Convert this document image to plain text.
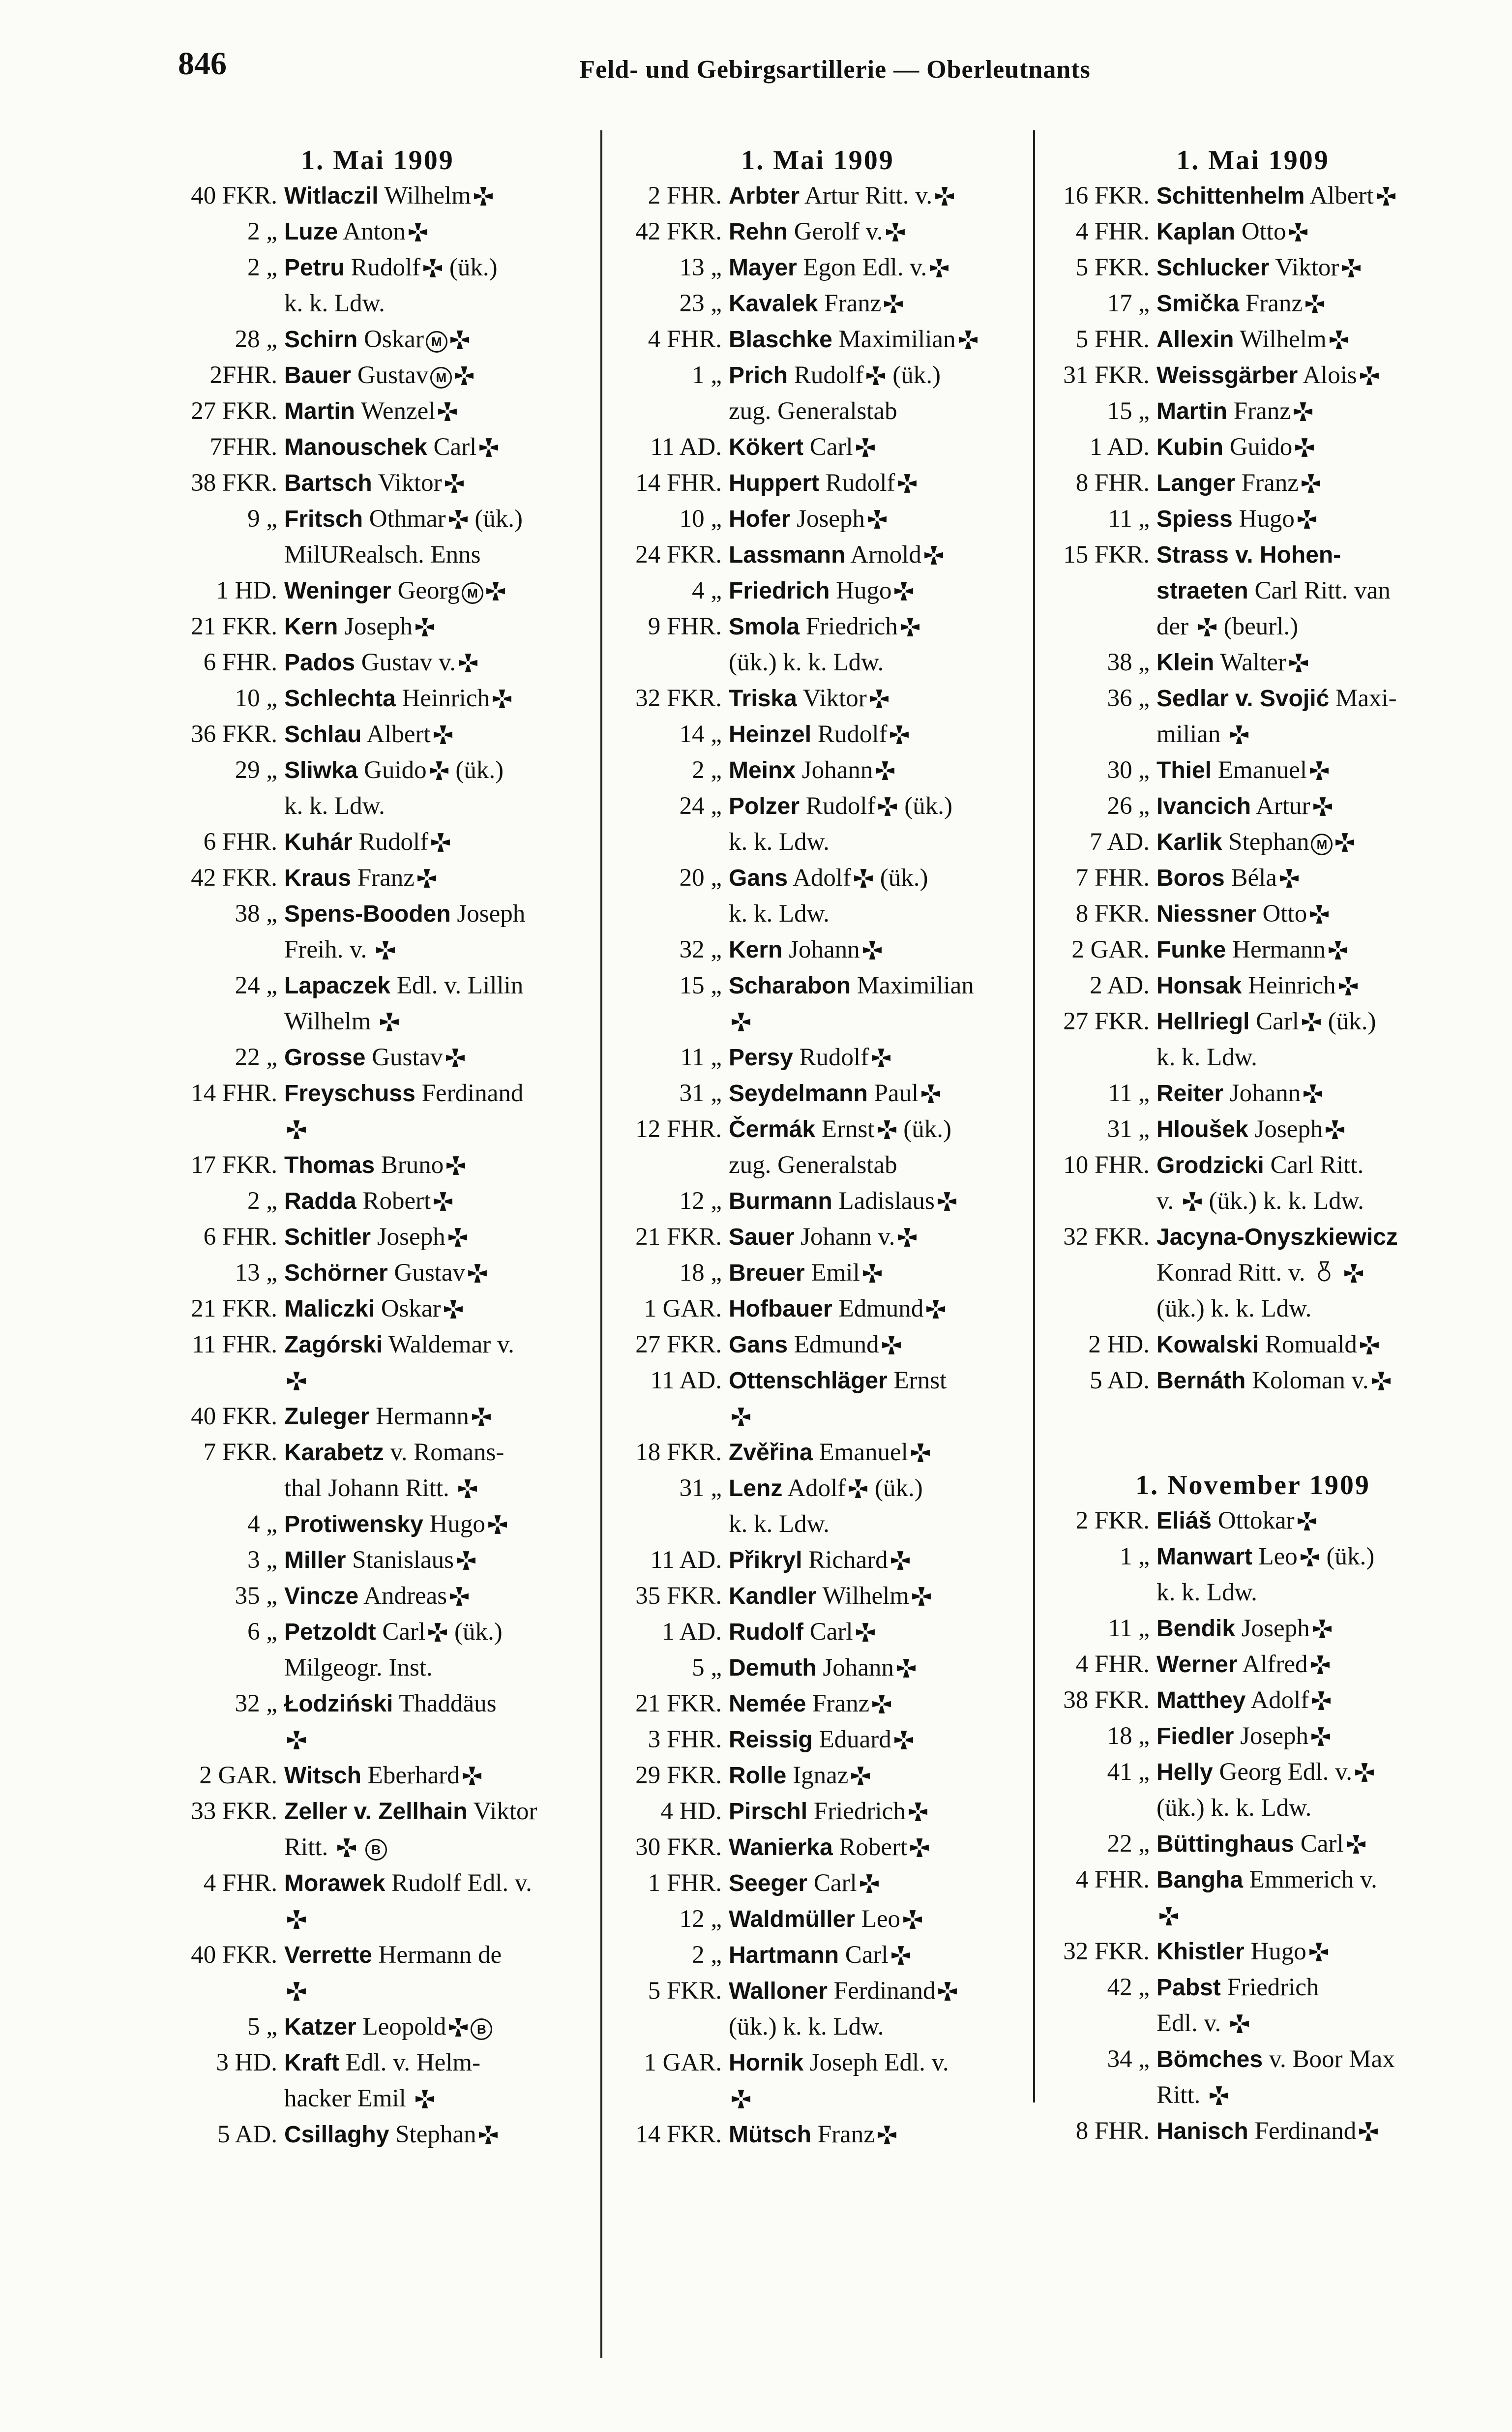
846	Feld- und Gebirgsartillerie — Oberleutnants
1. Mai 1909
40 FKR. Witlaczil Wilhelm
2 „ Luze Anton
2 „ Petru Rudolf (ük.)
k. k. Ldw.
28 „ Schirn Oskar M
2FHR. Bauer Gustav M
27 FKR. Martin Wenzel
7FHR. Manouschek Carl
38 FKR. Bartsch Viktor
9 „ Fritsch Othmar (ük.)
MilURealsch. Enns
1 HD. Weninger Georg M
21 FKR. Kern Joseph
6 FHR. Pados Gustav v.
10 „ Schlechta Heinrich
36 FKR. Schlau Albert
29 „ Sliwka Guido (ük.)
k. k. Ldw.
6 FHR. Kuhár Rudolf
42 FKR. Kraus Franz
38 „ Spens-Booden Joseph
Freih. v.
24 „ Lapaczek Edl. v. Lillin
Wilhelm
22 „ Grosse Gustav
14 FHR. Freyschuss Ferdinand
17 FKR. Thomas Bruno
2 „ Radda Robert
6 FHR. Schitler Joseph
13 „ Schörner Gustav
21 FKR. Maliczki Oskar
11 FHR. Zagórski Waldemar v.
40 FKR. Zuleger Hermann
7 FKR. Karabetz v. Romans-
thal Johann Ritt.
4 „ Protiwensky Hugo
3 „ Miller Stanislaus
35 „ Vincze Andreas
6 „ Petzoldt Carl (ük.)
Milgeogr. Inst.
32 „ Łodziński Thaddäus
2 GAR. Witsch Eberhard
33 FKR. Zeller v. Zellhain Viktor
Ritt.	B
4 FHR. Morawek Rudolf Edl. v.
40 FKR. Verrette Hermann de
5 „ Katzer Leopold B
3 HD. Kraft Edl. v. Helm-
hacker Emil
5 AD. Csillaghy Stephan
1. Mai 1909
2 FHR. Arbter Artur Ritt. v.
42 FKR. Rehn Gerolf v.
13 „ Mayer Egon Edl. v.
23 „ Kavalek Franz
4 FHR. Blaschke Maximilian
1 „ Prich Rudolf (ük.)
zug. Generalstab
11 AD. Kökert Carl
14 FHR. Huppert Rudolf
10 „ Hofer Joseph
24 FKR. Lassmann Arnold
4 „ Friedrich Hugo
9 FHR. Smola Friedrich
(ük.) k. k. Ldw.
32 FKR. Triska Viktor
14 „ Heinzel Rudolf
2 „ Meinx Johann
24 „ Polzer Rudolf (ük.)
k. k. Ldw.
20 „ Gans Adolf (ük.)
k. k. Ldw.
32 „ Kern Johann
15 „ Scharabon Maximilian
11 „ Persy Rudolf
31 „ Seydelmann Paul
12 FHR. Čermák Ernst (ük.)
zug. Generalstab
12 „ Burmann Ladislaus
21 FKR. Sauer Johann v.
18 „ Breuer Emil
1 GAR. Hofbauer Edmund
27 FKR. Gans Edmund
11 AD. Ottenschläger Ernst
18 FKR. Zvěřina Emanuel
31 „ Lenz Adolf (ük.)
k. k. Ldw.
11 AD. Přikryl Richard
35 FKR. Kandler Wilhelm
1 AD. Rudolf Carl
5 „ Demuth Johann
21 FKR. Nemée Franz
3 FHR. Reissig Eduard
29 FKR. Rolle Ignaz
4 HD. Pirschl Friedrich
30 FKR. Wanierka Robert
1 FHR. Seeger Carl
12 „ Waldmüller Leo
2 „ Hartmann Carl
5 FKR. Walloner Ferdinand
(ük.) k. k. Ldw.
1 GAR. Hornik Joseph Edl. v.
14 FKR. Mütsch Franz
1. Mai 1909
16 FKR. Schittenhelm Albert
4 FHR. Kaplan Otto
5 FKR. Schlucker Viktor
17 „ Smička Franz
5 FHR. Allexin Wilhelm
31 FKR. Weissgärber Alois
15 „ Martin Franz
1 AD. Kubin Guido
8 FHR. Langer Franz
11 „ Spiess Hugo
15 FKR. Strass v. Hohen-
straeten Carl Ritt. van
der  (beurl.)
38 „ Klein Walter
36 „ Sedlar v. Svojić Maxi-
milian
30 „ Thiel Emanuel
26 „ Ivancich Artur
7 AD. Karlik Stephan M
7 FHR. Boros Béla
8 FKR. Niessner Otto
2 GAR. Funke Hermann
2 AD. Honsak Heinrich
27 FKR. Hellriegl Carl (ük.)
k. k. Ldw.
11 „ Reiter Johann
31 „ Hloušek Joseph
10 FHR. Grodzicki Carl Ritt.
v.  (ük.) k. k. Ldw.
32 FKR. Jacyna-Onyszkiewicz
Konrad Ritt. v.
(ük.) k. k. Ldw.
2 HD. Kowalski Romuald
5 AD. Bernáth Koloman v.
1. November 1909
2 FKR. Eliáš Ottokar
1 „ Manwart Leo (ük.)
k. k. Ldw.
11 „ Bendik Joseph
4 FHR. Werner Alfred
38 FKR. Matthey Adolf
18 „ Fiedler Joseph
41 „ Helly Georg Edl. v.
(ük.) k. k. Ldw.
22 „ Büttinghaus Carl
4 FHR. Bangha Emmerich v.
32 FKR. Khistler Hugo
42 „ Pabst Friedrich
Edl. v.
34 „ Bömches v. Boor Max
Ritt.
8 FHR. Hanisch Ferdinand
